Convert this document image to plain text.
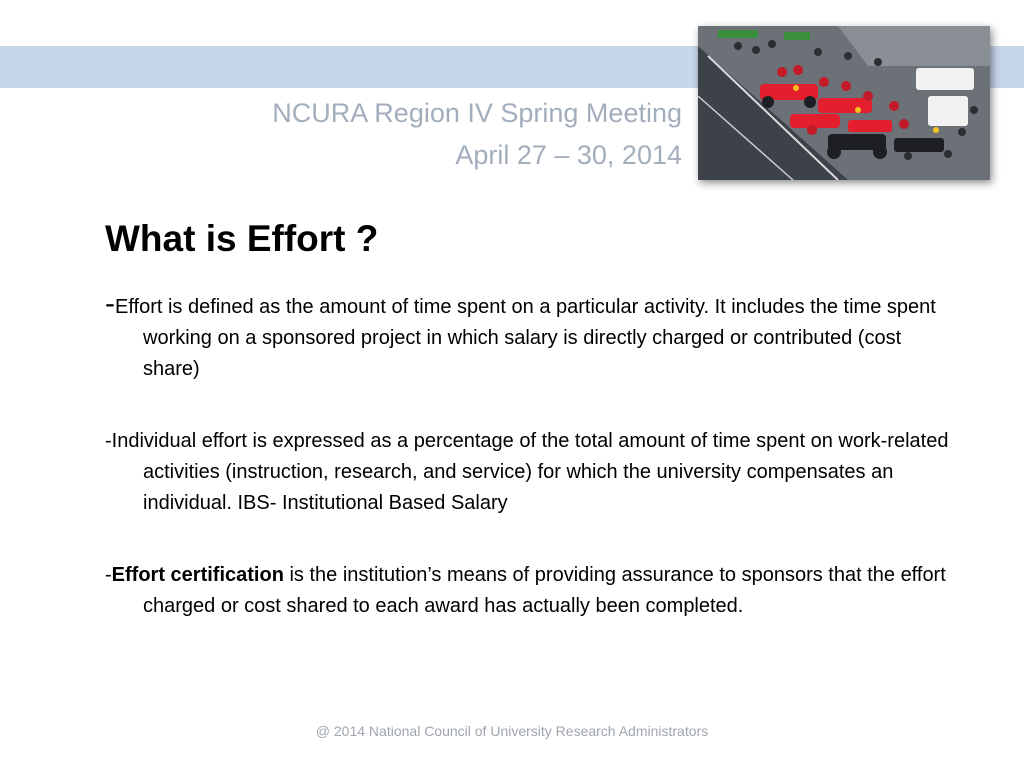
NCURA Region IV Spring Meeting
April 27 – 30, 2014
What is Effort ?

-Effort is defined as the amount of time spent on a particular activity. It includes the time spent working on a sponsored project in which salary is directly charged or contributed (cost share)

-Individual effort is expressed as a percentage of the total amount of time spent on work-related activities (instruction, research, and service) for which the university compensates an individual. IBS- Institutional Based Salary

-Effort certification is the institution’s means of providing assurance to sponsors that the effort charged or cost shared to each award has actually been completed.

@ 2014 National Council of University Research Administrators
